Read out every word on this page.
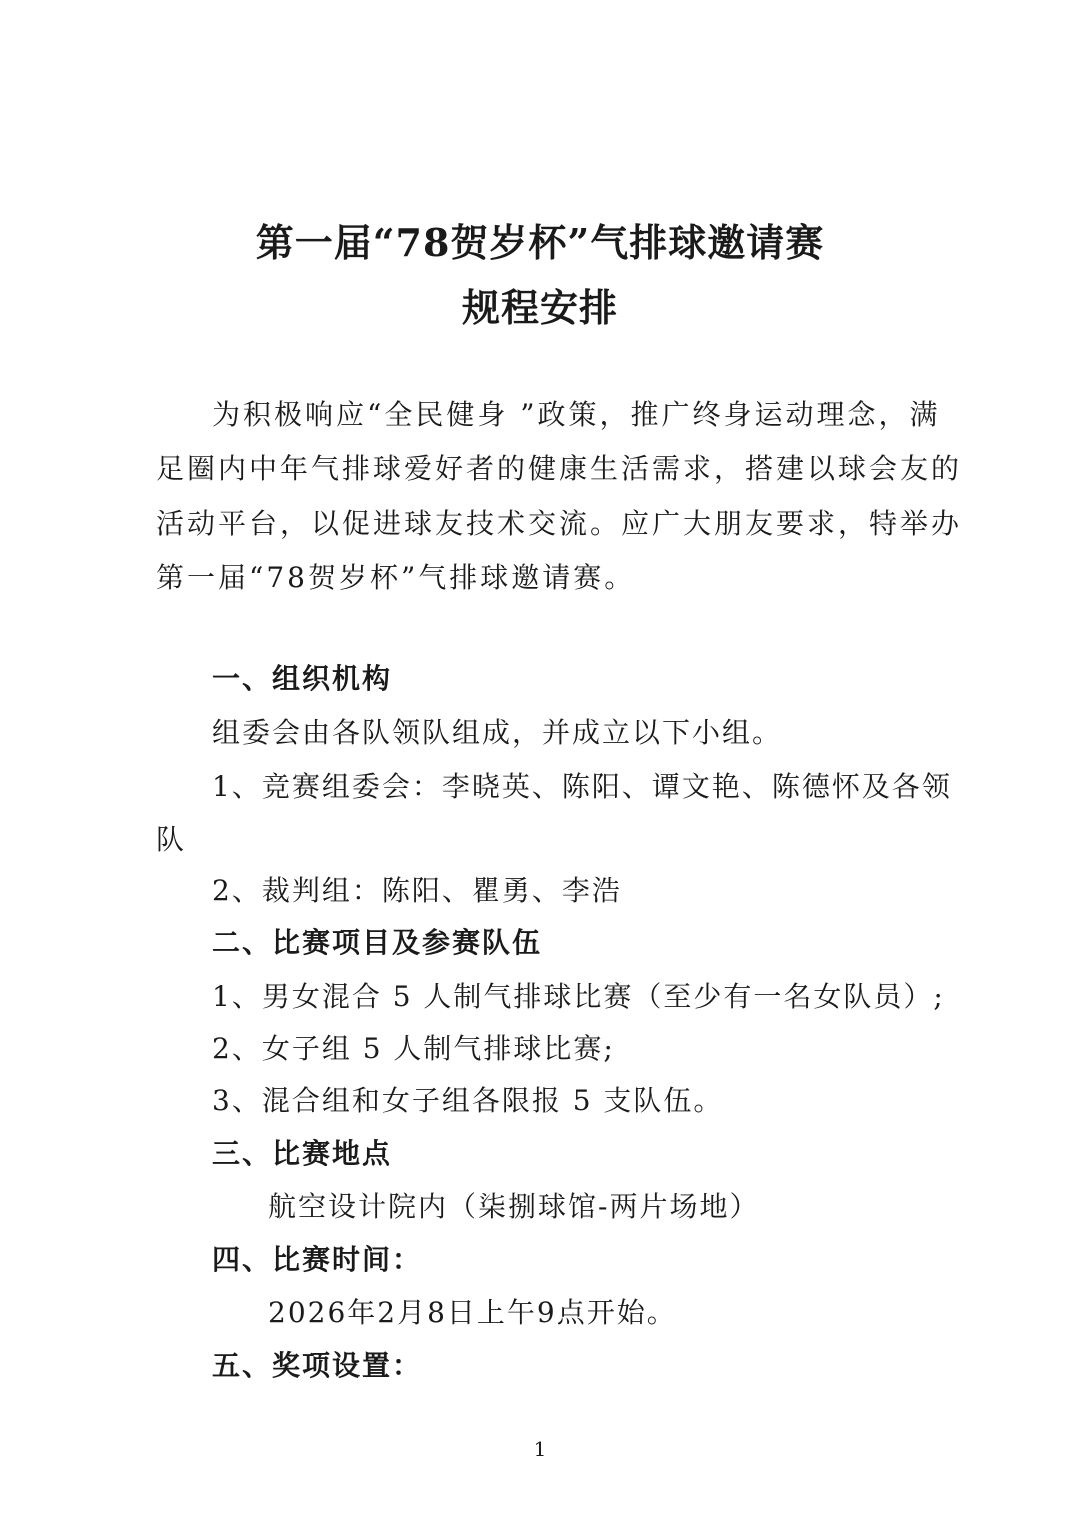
第一届“78贺岁杯”气排球邀请赛
规程安排
为积极响应“全民健身 ”政策，推广终身运动理念，满
足圈内中年气排球爱好者的健康生活需求，搭建以球会友的
活动平台，以促进球友技术交流。应广大朋友要求，特举办
第一届“78贺岁杯”气排球邀请赛。
一、组织机构
组委会由各队领队组成，并成立以下小组。
1、竞赛组委会：李晓英、陈阳、谭文艳、陈德怀及各领
队
2、裁判组：陈阳、瞿勇、李浩
二、比赛项目及参赛队伍
1、男女混合 5 人制气排球比赛（至少有一名女队员）;
2、女子组 5 人制气排球比赛;
3、混合组和女子组各限报 5 支队伍。
三、比赛地点
航空设计院内（柒捌球馆-两片场地）
四、比赛时间：
2026年2月8日上午9点开始。
五、奖项设置：
1
